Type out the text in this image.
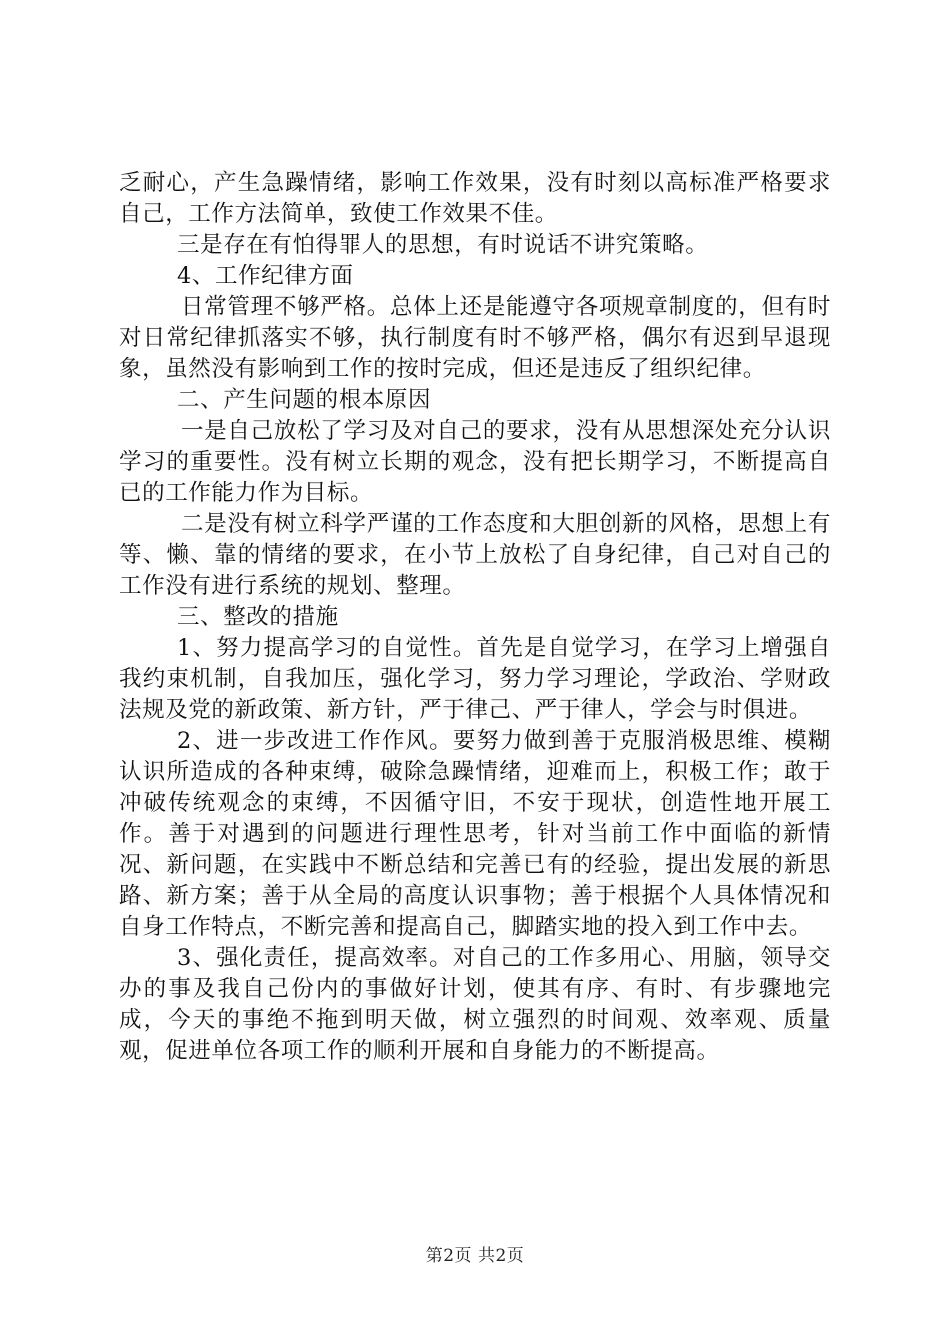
乏耐心，产生急躁情绪，影响工作效果，没有时刻以高标准严格要求自己，工作方法简单，致使工作效果不佳。

三是存在有怕得罪人的思想，有时说话不讲究策略。

4、工作纪律方面

日常管理不够严格。总体上还是能遵守各项规章制度的，但有时对日常纪律抓落实不够，执行制度有时不够严格，偶尔有迟到早退现象，虽然没有影响到工作的按时完成，但还是违反了组织纪律。

二、产生问题的根本原因

一是自己放松了学习及对自己的要求，没有从思想深处充分认识学习的重要性。没有树立长期的观念，没有把长期学习，不断提高自已的工作能力作为目标。

二是没有树立科学严谨的工作态度和大胆创新的风格，思想上有等、懒、靠的情绪的要求，在小节上放松了自身纪律，自己对自己的工作没有进行系统的规划、整理。

三、整改的措施

1、努力提高学习的自觉性。首先是自觉学习，在学习上增强自我约束机制，自我加压，强化学习，努力学习理论，学政治、学财政法规及党的新政策、新方针，严于律己、严于律人，学会与时俱进。

2、进一步改进工作作风。要努力做到善于克服消极思维、模糊认识所造成的各种束缚，破除急躁情绪，迎难而上，积极工作；敢于冲破传统观念的束缚，不因循守旧，不安于现状，创造性地开展工作。善于对遇到的问题进行理性思考，针对当前工作中面临的新情况、新问题，在实践中不断总结和完善已有的经验，提出发展的新思路、新方案；善于从全局的高度认识事物；善于根据个人具体情况和自身工作特点，不断完善和提高自己，脚踏实地的投入到工作中去。

3、强化责任，提高效率。对自己的工作多用心、用脑，领导交办的事及我自己份内的事做好计划，使其有序、有时、有步骤地完成，今天的事绝不拖到明天做，树立强烈的时间观、效率观、质量观，促进单位各项工作的顺利开展和自身能力的不断提高。

第2页 共2页
